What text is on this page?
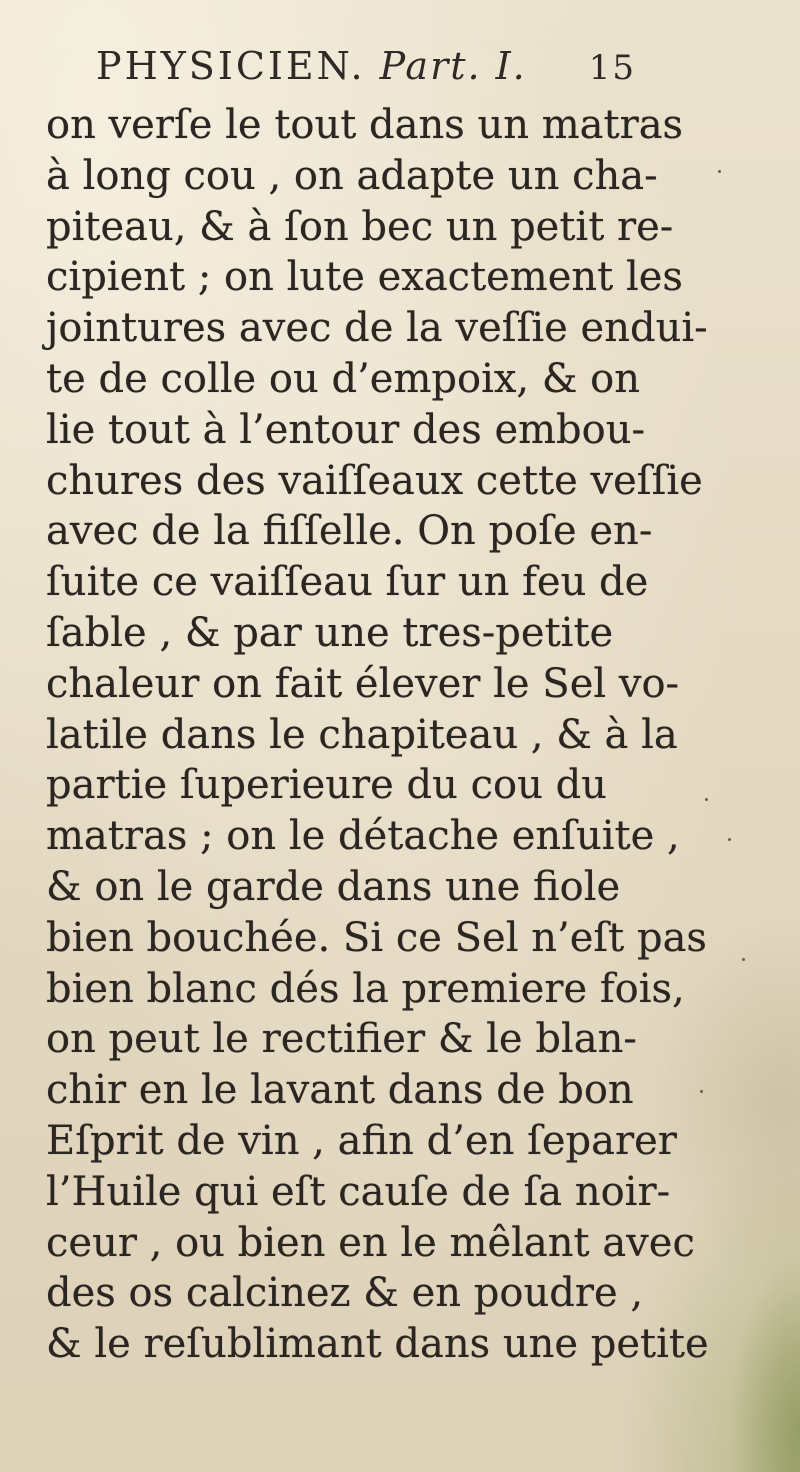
PHYSICIEN. Part. I. 15
on verſe le tout dans un matras
à long cou , on adapte un cha-
piteau, & à ſon bec un petit re-
cipient ; on lute exactement les
jointures avec de la veſſie endui-
te de colle ou d’empoix, & on
lie tout à l’entour des embou-
chures des vaiſſeaux cette veſſie
avec de la fiſſelle. On poſe en-
ſuite ce vaiſſeau ſur un feu de
ſable , & par une tres-petite
chaleur on fait élever le Sel vo-
latile dans le chapiteau , & à la
partie ſuperieure du cou du
matras ; on le détache enſuite ,
& on le garde dans une fiole
bien bouchée. Si ce Sel n’eſt pas
bien blanc dés la premiere fois,
on peut le rectifier & le blan-
chir en le lavant dans de bon
Eſprit de vin , afin d’en ſeparer
l’Huile qui eſt cauſe de ſa noir-
ceur , ou bien en le mêlant avec
des os calcinez & en poudre ,
& le reſublimant dans une petite
